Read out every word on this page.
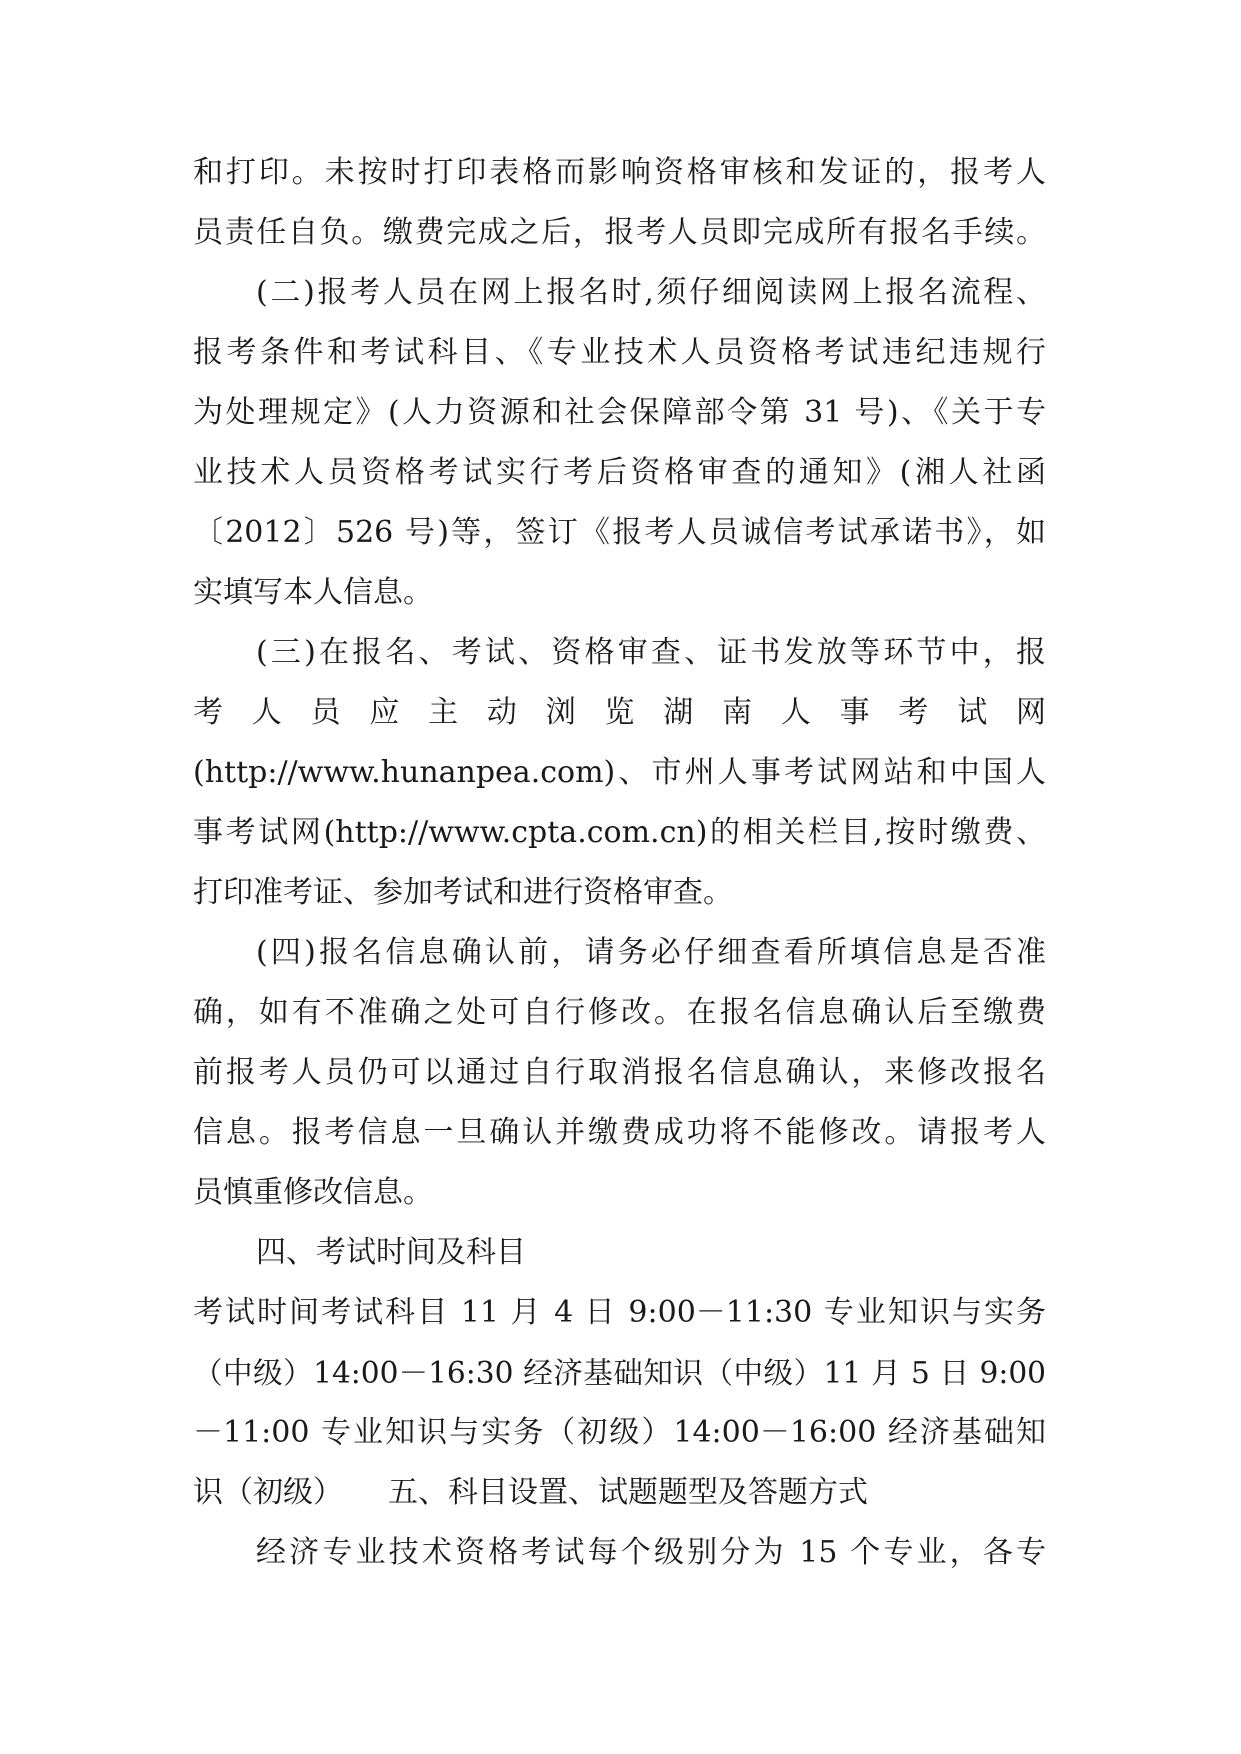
和打印。未按时打印表格而影响资格审核和发证的，报考人
员责任自负。缴费完成之后，报考人员即完成所有报名手续。
(二)报考人员在网上报名时,须仔细阅读网上报名流程、
报考条件和考试科目、《专业技术人员资格考试违纪违规行
为处理规定》(人力资源和社会保障部令第 31 号)、《关于专
业技术人员资格考试实行考后资格审查的通知》(湘人社函
〔2012〕526 号)等，签订《报考人员诚信考试承诺书》，如
实填写本人信息。
(三)在报名、考试、资格审查、证书发放等环节中，报
考人员应主动浏览湖南人事考试网
(http://www.hunanpea.com)、市州人事考试网站和中国人
事考试网(http://www.cpta.com.cn)的相关栏目,按时缴费、
打印准考证、参加考试和进行资格审查。
(四)报名信息确认前，请务必仔细查看所填信息是否准
确，如有不准确之处可自行修改。在报名信息确认后至缴费
前报考人员仍可以通过自行取消报名信息确认，来修改报名
信息。报考信息一旦确认并缴费成功将不能修改。请报考人
员慎重修改信息。
四、考试时间及科目
考试时间考试科目 11 月 4 日 9:00－11:30 专业知识与实务
（中级）14:00－16:30 经济基础知识（中级）11 月 5 日 9:00
－11:00 专业知识与实务（初级）14:00－16:00 经济基础知
识（初级）　　五、科目设置、试题题型及答题方式
经济专业技术资格考试每个级别分为 15 个专业，各专
